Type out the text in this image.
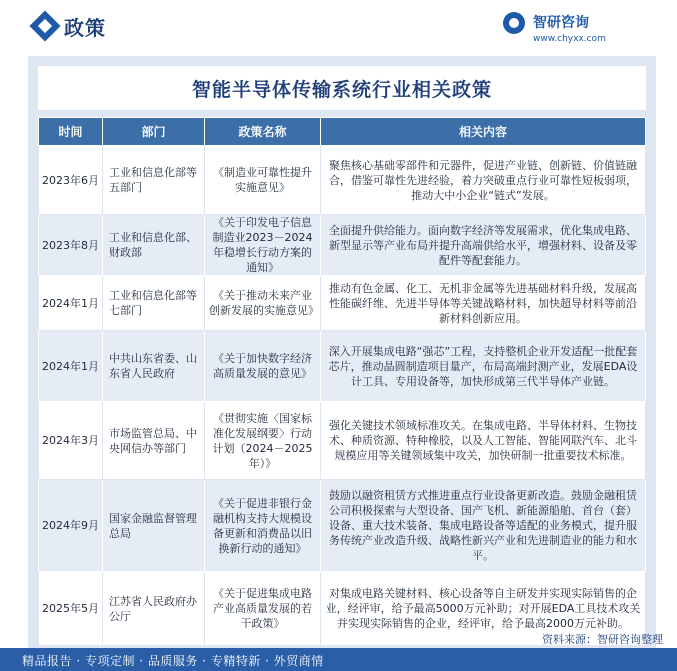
政策	智研咨询
www.chyxx.com
智能半导体传输系统行业相关政策
时间	部门	政策名称	相关内容
2023年6月	工业和信息化部等五部门	《制造业可靠性提升实施意见》	聚焦核心基础零部件和元器件，促进产业链、创新链、价值链融合，借鉴可靠性先进经验，着力突破重点行业可靠性短板弱项，推动大中小企业“链式”发展。
2023年8月	工业和信息化部、财政部	《关于印发电子信息制造业2023－2024年稳增长行动方案的通知》	全面提升供给能力。面向数字经济等发展需求，优化集成电路、新型显示等产业布局并提升高端供给水平，增强材料、设备及零配件等配套能力。
2024年1月	工业和信息化部等七部门	《关于推动未来产业创新发展的实施意见》	推动有色金属、化工、无机非金属等先进基础材料升级，发展高性能碳纤维、先进半导体等关键战略材料，加快超导材料等前沿新材料创新应用。
2024年1月	中共山东省委、山东省人民政府	《关于加快数字经济高质量发展的意见》	深入开展集成电路“强芯”工程，支持整机企业开发适配一批配套芯片，推动晶圆制造项目量产，布局高端封测产业，发展EDA设计工具、专用设备等，加快形成第三代半导体产业链。
2024年3月	市场监管总局、中央网信办等部门	《贯彻实施〈国家标准化发展纲要〉行动计划（2024－2025年）》	强化关键技术领域标准攻关。在集成电路、半导体材料、生物技术、种质资源、特种橡胶，以及人工智能、智能网联汽车、北斗规模应用等关键领域集中攻关，加快研制一批重要技术标准。
2024年9月	国家金融监督管理总局	《关于促进非银行金融机构支持大规模设备更新和消费品以旧换新行动的通知》	鼓励以融资租赁方式推进重点行业设备更新改造。鼓励金融租赁公司积极探索与大型设备、国产飞机、新能源船舶、首台（套）设备、重大技术装备、集成电路设备等适配的业务模式，提升服务传统产业改造升级、战略性新兴产业和先进制造业的能力和水平。
2025年5月	江苏省人民政府办公厅	《关于促进集成电路产业高质量发展的若干政策》	对集成电路关键材料、核心设备等自主研发并实现实际销售的企业，经评审，给予最高5000万元补助；对开展EDA工具技术攻关并实现实际销售的企业，经评审，给予最高2000万元补助。
资料来源：智研咨询整理
精品报告 · 专项定制 · 品质服务 · 专精特新 · 外贸商情
